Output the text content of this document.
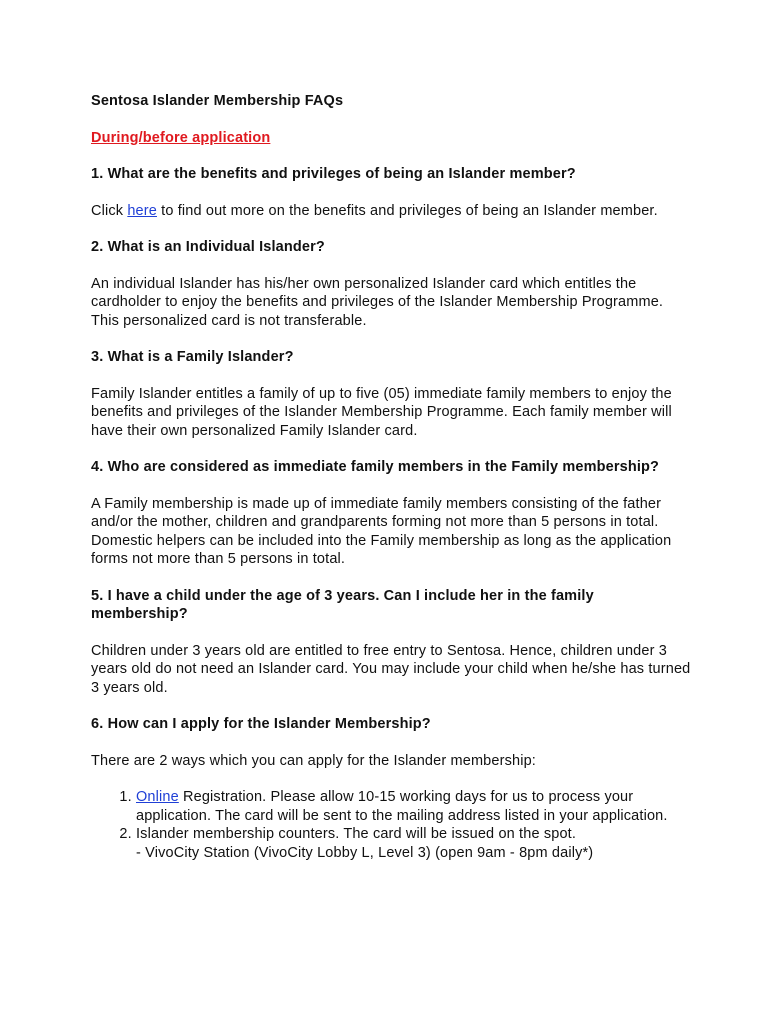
Sentosa Islander Membership FAQs
During/before application
1. What are the benefits and privileges of being an Islander member?
Click here to find out more on the benefits and privileges of being an Islander member.
2. What is an Individual Islander?
An individual Islander has his/her own personalized Islander card which entitles the cardholder to enjoy the benefits and privileges of the Islander Membership Programme. This personalized card is not transferable.
3. What is a Family Islander?
Family Islander entitles a family of up to five (05) immediate family members to enjoy the benefits and privileges of the Islander Membership Programme. Each family member will have their own personalized Family Islander card.
4. Who are considered as immediate family members in the Family membership?
A Family membership is made up of immediate family members consisting of the father and/or the mother, children and grandparents forming not more than 5 persons in total. Domestic helpers can be included into the Family membership as long as the application forms not more than 5 persons in total.
5. I have a child under the age of 3 years. Can I include her in the family membership?
Children under 3 years old are entitled to free entry to Sentosa. Hence, children under 3 years old do not need an Islander card. You may include your child when he/she has turned 3 years old.
6. How can I apply for the Islander Membership?
There are 2 ways which you can apply for the Islander membership:
1. Online Registration. Please allow 10-15 working days for us to process your application. The card will be sent to the mailing address listed in your application.
2. Islander membership counters. The card will be issued on the spot.
- VivoCity Station (VivoCity Lobby L, Level 3) (open 9am - 8pm daily*)
